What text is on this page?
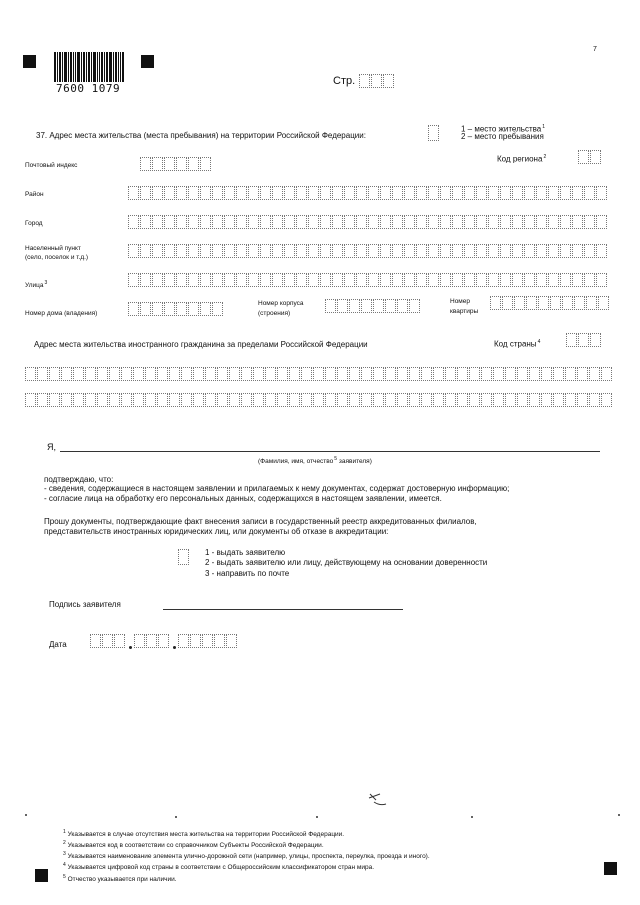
7600 1079
7
Стр.
37. Адрес места жительства (места пребывания) на территории Российской Федерации:
1 – место жительства$^1$
2 – место пребывания
Почтовый индекс
Код региона$^2$
Район
Город
Населенный пункт
(село, поселок и т.д.)
Улица$^3$
Номер дома (владения)
Номер корпуса
(строения)
Номер
квартиры
Адрес места жительства иностранного гражданина за пределами Российской Федерации	Код страны$^4$
Я,
(Фамилия, имя, отчество$^5$ заявителя)
подтверждаю, что:
- сведения, содержащиеся в настоящем заявлении и прилагаемых к нему документах, содержат достоверную информацию;
- согласие лица на обработку его персональных данных, содержащихся в настоящем заявлении, имеется.
Прошу документы, подтверждающие факт внесения записи в государственный реестр аккредитованных филиалов,
представительств иностранных юридических лиц, или документы об отказе в аккредитации:
1 - выдать заявителю
2 - выдать заявителю или лицу, действующему на основании доверенности
3 - направить по почте
Подпись заявителя
Дата
$^1$ Указывается в случае отсутствия места жительства на территории Российской Федерации.
$^2$ Указывается код в соответствии со справочником Субъекты Российской Федерации.
$^3$ Указывается наименование элемента улично-дорожной сети (например, улицы, проспекта, переулка, проезда и иного).
$^4$ Указывается цифровой код страны в соответствии с Общероссийским классификатором стран мира.
$^5$ Отчество указывается при наличии.
